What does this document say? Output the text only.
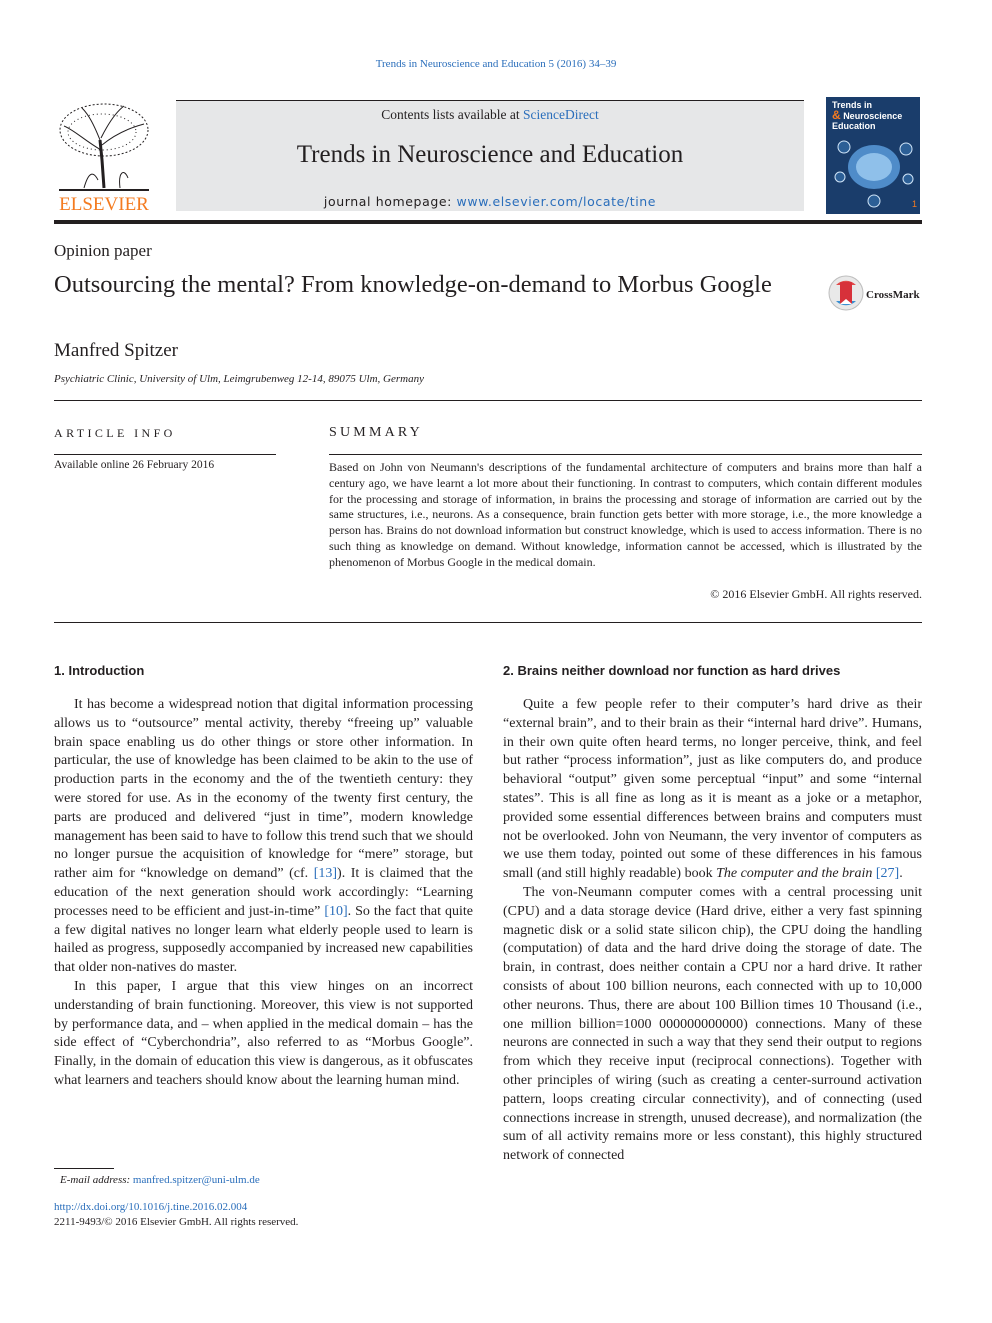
Trends in Neuroscience and Education 5 (2016) 34–39
ELSEVIER
Contents lists available at ScienceDirect
Trends in Neuroscience and Education
journal homepage: www.elsevier.com/locate/tine
Trends in
& Neuroscience
Education
1
Opinion paper
Outsourcing the mental? From knowledge-on-demand to Morbus Google	CrossMark
Manfred Spitzer
Psychiatric Clinic, University of Ulm, Leimgrubenweg 12-14, 89075 Ulm, Germany
ARTICLE INFO
Available online 26 February 2016
SUMMARY
Based on John von Neumann's descriptions of the fundamental architecture of computers and brains more than half a century ago, we have learnt a lot more about their functioning. In contrast to computers, which contain different modules for the processing and storage of information, in brains the processing and storage of information are carried out by the same structures, i.e., neurons. As a consequence, brain function gets better with more storage, i.e., the more knowledge a person has. Brains do not download information but construct knowledge, which is used to access information. There is no such thing as knowledge on demand. Without knowledge, information cannot be accessed, which is illustrated by the phenomenon of Morbus Google in the medical domain.
© 2016 Elsevier GmbH. All rights reserved.
1. Introduction

It has become a widespread notion that digital information processing allows us to “outsource” mental activity, thereby “freeing up” valuable brain space enabling us do other things or store other information. In particular, the use of knowledge has been claimed to be akin to the use of production parts in the economy and the of the twentieth century: they were stored for use. As in the economy of the twenty first century, the parts are produced and delivered “just in time”, modern knowledge management has been said to have to follow this trend such that we should no longer pursue the acquisition of knowledge for “mere” storage, but rather aim for “knowledge on demand” (cf. [13]). It is claimed that the education of the next generation should work accordingly: “Learning processes need to be efficient and just-in-time” [10]. So the fact that quite a few digital natives no longer learn what elderly people used to learn is hailed as progress, supposedly accompanied by increased new capabilities that older non-natives do master.

In this paper, I argue that this view hinges on an incorrect understanding of brain functioning. Moreover, this view is not supported by performance data, and – when applied in the medical domain – has the side effect of “Cyberchondria”, also referred to as “Morbus Google”. Finally, in the domain of education this view is dangerous, as it obfuscates what learners and teachers should know about the learning human mind.

2. Brains neither download nor function as hard drives

Quite a few people refer to their computer’s hard drive as their “external brain”, and to their brain as their “internal hard drive”. Humans, in their own quite often heard terms, no longer perceive, think, and feel but rather “process information”, just as like computers do, and produce behavioral “output” given some perceptual “input” and some “internal states”. This is all fine as long as it is meant as a joke or a metaphor, provided some essential differences between brains and computers must not be overlooked. John von Neumann, the very inventor of computers as we use them today, pointed out some of these differences in his famous small (and still highly readable) book The computer and the brain [27].

The von-Neumann computer comes with a central processing unit (CPU) and a data storage device (Hard drive, either a very fast spinning magnetic disk or a solid state silicon chip), the CPU doing the handling (computation) of data and the hard drive doing the storage of date. The brain, in contrast, does neither contain a CPU nor a hard drive. It rather consists of about 100 billion neurons, each connected with up to 10,000 other neurons. Thus, there are about 100 Billion times 10 Thousand (i.e., one million billion=1000 000000000000) connections. Many of these neurons are connected in such a way that they send their output to regions from which they receive input (reciprocal connections). Together with other principles of wiring (such as creating a center-surround activation pattern, loops creating circular connectivity), and of connecting (used connections increase in strength, unused decrease), and normalization (the sum of all activity remains more or less constant), this highly structured network of connected

E-mail address: manfred.spitzer@uni-ulm.de
http://dx.doi.org/10.1016/j.tine.2016.02.004
2211-9493/© 2016 Elsevier GmbH. All rights reserved.
